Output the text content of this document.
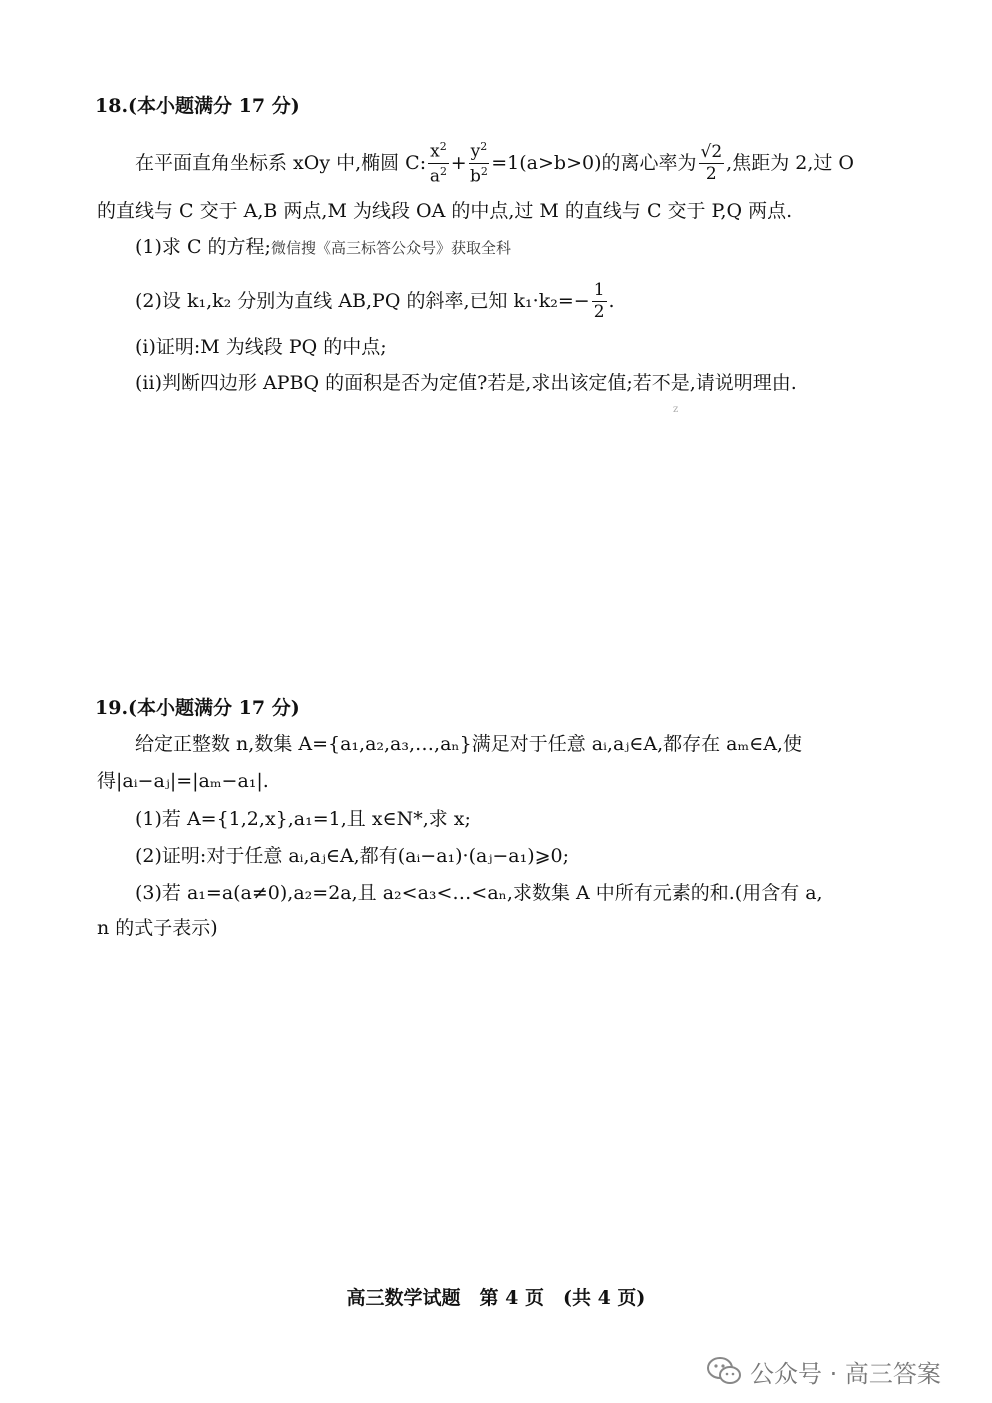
18.(本小题满分 17 分)
在平面直角坐标系 xOy 中,椭圆 C: $\frac{x^2}{a^2} + \frac{y^2}{b^2} =1(a>b>0)$的离心率为 $\frac{√2}{2}$ ,焦距为 2,过 O
的直线与 C 交于 A,B 两点,M 为线段 OA 的中点,过 M 的直线与 C 交于 P,Q 两点.
(1)求 C 的方程;微信搜《高三标答公众号》获取全科
(2)设 k₁,k₂ 分别为直线 AB,PQ 的斜率,已知 $k_1\cdot k_2=- \frac{1}{2}$ .
(i)证明:M 为线段 PQ 的中点;
(ii)判断四边形 APBQ 的面积是否为定值?若是,求出该定值;若不是,请说明理由.
z
19.(本小题满分 17 分)
给定正整数 n,数集 A={a₁,a₂,a₃,…,aₙ}满足对于任意 aᵢ,aⱼ∈A,都存在 aₘ∈A,使
得|aᵢ−aⱼ|=|aₘ−a₁|.
(1)若 A={1,2,x},a₁=1,且 x∈N*,求 x;
(2)证明:对于任意 aᵢ,aⱼ∈A,都有(aᵢ−a₁)·(aⱼ−a₁)⩾0;
(3)若 a₁=a(a≠0),a₂=2a,且 a₂<a₃<…<aₙ,求数集 A 中所有元素的和.(用含有 a,
n 的式子表示)
高三数学试题　第 4 页　(共 4 页)
公众号 · 高三答案
